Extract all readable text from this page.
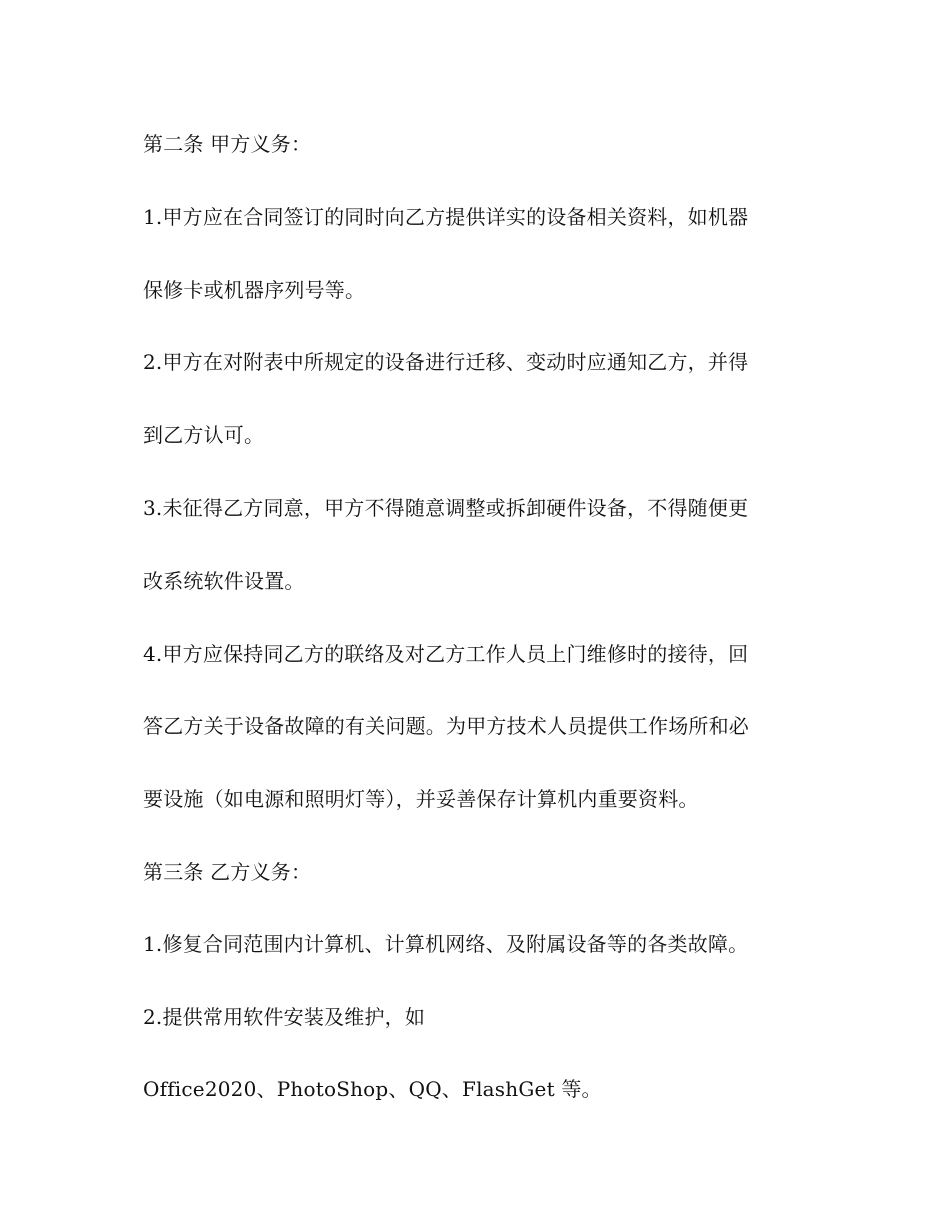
第二条 甲方义务：
1.甲方应在合同签订的同时向乙方提供详实的设备相关资料，如机器
保修卡或机器序列号等。
2.甲方在对附表中所规定的设备进行迁移、变动时应通知乙方，并得
到乙方认可。
3.未征得乙方同意，甲方不得随意调整或拆卸硬件设备，不得随便更
改系统软件设置。
4.甲方应保持同乙方的联络及对乙方工作人员上门维修时的接待，回
答乙方关于设备故障的有关问题。为甲方技术人员提供工作场所和必
要设施（如电源和照明灯等），并妥善保存计算机内重要资料。
第三条 乙方义务：
1.修复合同范围内计算机、计算机网络、及附属设备等的各类故障。
2.提供常用软件安装及维护，如
Office2020、PhotoShop、QQ、FlashGet 等。
